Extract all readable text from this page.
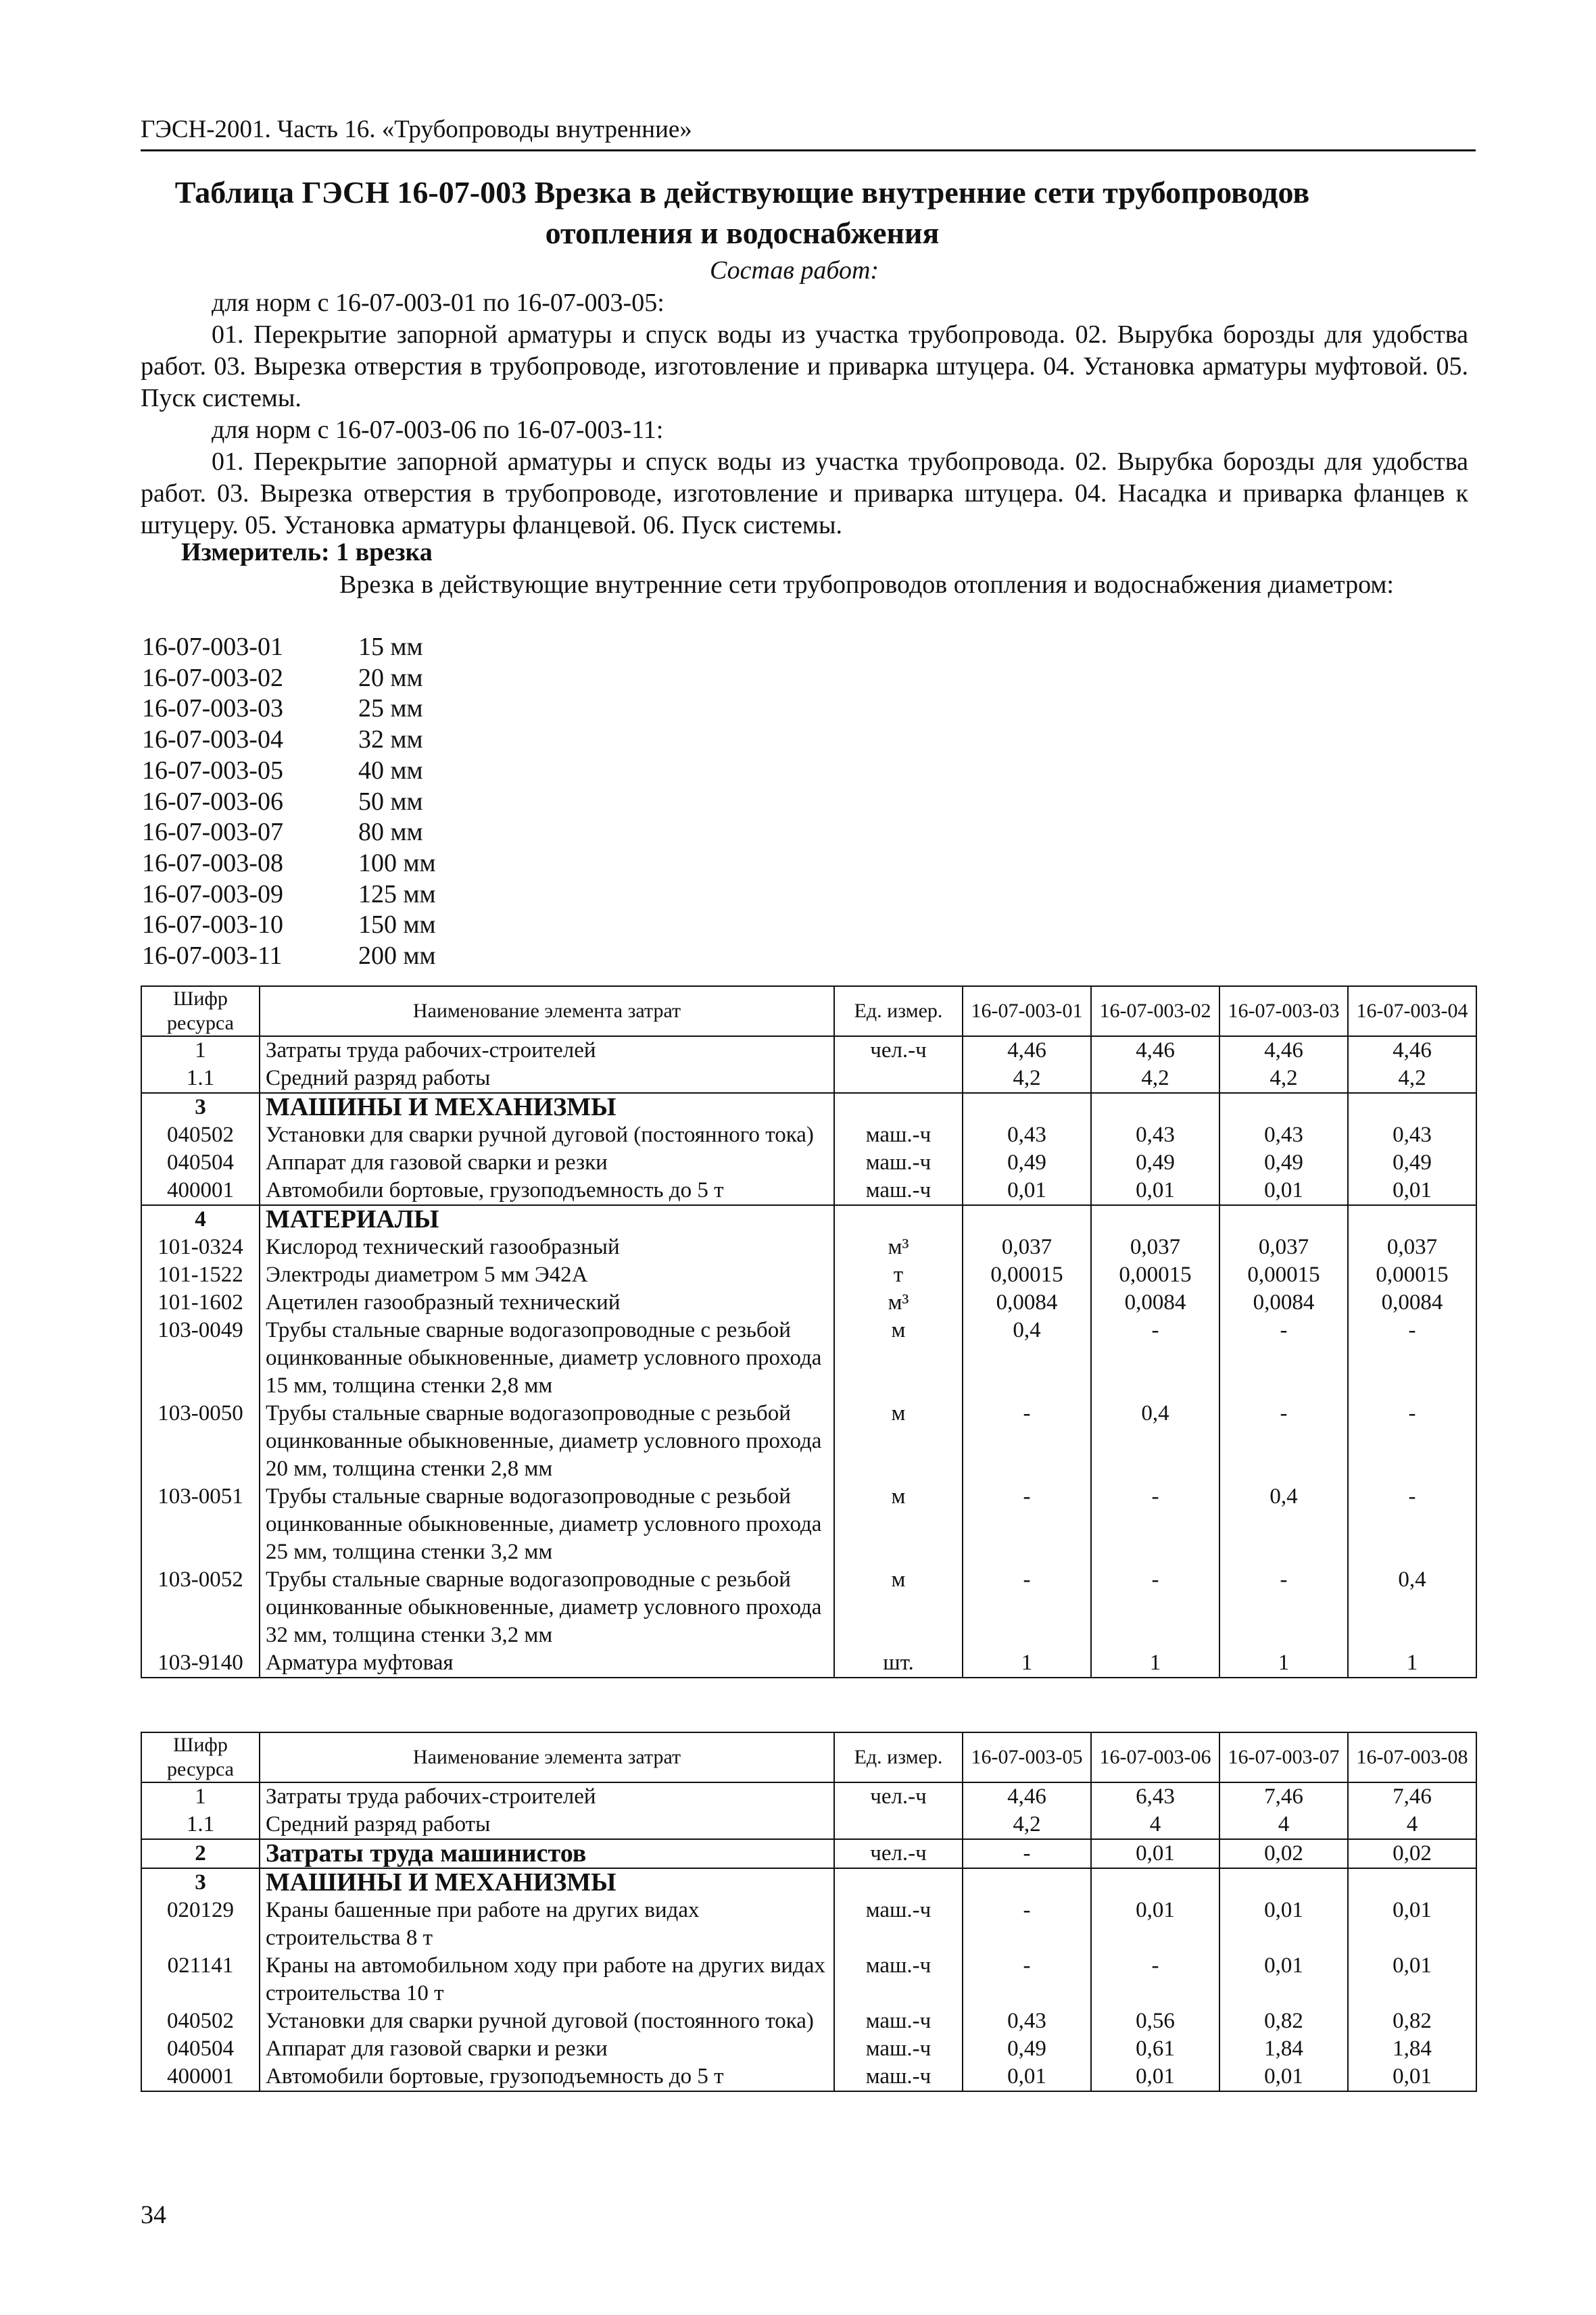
ГЭСН-2001. Часть 16. «Трубопроводы внутренние»
Таблица ГЭСН 16-07-003 Врезка в действующие внутренние сети трубопроводов
отопления и водоснабжения
Состав работ:
для норм с 16-07-003-01 по 16-07-003-05:
01. Перекрытие запорной арматуры и спуск воды из участка трубопровода. 02. Вырубка борозды для удобства работ. 03. Вырезка отверстия в трубопроводе, изготовление и приварка штуцера. 04. Установка арматуры муфтовой. 05. Пуск системы.
для норм с 16-07-003-06 по 16-07-003-11:
01. Перекрытие запорной арматуры и спуск воды из участка трубопровода. 02. Вырубка борозды для удобства работ. 03. Вырезка отверстия в трубопроводе, изготовление и приварка штуцера. 04. Насадка и приварка фланцев к штуцеру. 05. Установка арматуры фланцевой. 06. Пуск системы.
Измеритель: 1 врезка
Врезка в действующие внутренние сети трубопроводов отопления и водоснабжения диаметром:
16-07-003-01	15 мм
16-07-003-02	20 мм
16-07-003-03	25 мм
16-07-003-04	32 мм
16-07-003-05	40 мм
16-07-003-06	50 мм
16-07-003-07	80 мм
16-07-003-08	100 мм
16-07-003-09	125 мм
16-07-003-10	150 мм
16-07-003-11	200 мм
Шифр ресурса	Наименование элемента затрат	Ед. измер.	16-07-003-01	16-07-003-02	16-07-003-03	16-07-003-04
1	Затраты труда рабочих-строителей	чел.-ч	4,46	4,46	4,46	4,46
1.1	Средний разряд работы		4,2	4,2	4,2	4,2
3	МАШИНЫ И МЕХАНИЗМЫ					
040502	Установки для сварки ручной дуговой (постоянного тока)	маш.-ч	0,43	0,43	0,43	0,43
040504	Аппарат для газовой сварки и резки	маш.-ч	0,49	0,49	0,49	0,49
400001	Автомобили бортовые, грузоподъемность до 5 т	маш.-ч	0,01	0,01	0,01	0,01
4	МАТЕРИАЛЫ					
101-0324	Кислород технический газообразный	м³	0,037	0,037	0,037	0,037
101-1522	Электроды диаметром 5 мм Э42А	т	0,00015	0,00015	0,00015	0,00015
101-1602	Ацетилен газообразный технический	м³	0,0084	0,0084	0,0084	0,0084
103-0049	Трубы стальные сварные водогазопроводные с резьбой оцинкованные обыкновенные, диаметр условного прохода 15 мм, толщина стенки 2,8 мм	м	0,4	-	-	-
103-0050	Трубы стальные сварные водогазопроводные с резьбой оцинкованные обыкновенные, диаметр условного прохода 20 мм, толщина стенки 2,8 мм	м	-	0,4	-	-
103-0051	Трубы стальные сварные водогазопроводные с резьбой оцинкованные обыкновенные, диаметр условного прохода 25 мм, толщина стенки 3,2 мм	м	-	-	0,4	-
103-0052	Трубы стальные сварные водогазопроводные с резьбой оцинкованные обыкновенные, диаметр условного прохода 32 мм, толщина стенки 3,2 мм	м	-	-	-	0,4
103-9140	Арматура муфтовая	шт.	1	1	1	1
Шифр ресурса	Наименование элемента затрат	Ед. измер.	16-07-003-05	16-07-003-06	16-07-003-07	16-07-003-08
1	Затраты труда рабочих-строителей	чел.-ч	4,46	6,43	7,46	7,46
1.1	Средний разряд работы		4,2	4	4	4
2	Затраты труда машинистов	чел.-ч	-	0,01	0,02	0,02
3	МАШИНЫ И МЕХАНИЗМЫ					
020129	Краны башенные при работе на других видах строительства 8 т	маш.-ч	-	0,01	0,01	0,01
021141	Краны на автомобильном ходу при работе на других видах строительства 10 т	маш.-ч	-	-	0,01	0,01
040502	Установки для сварки ручной дуговой (постоянного тока)	маш.-ч	0,43	0,56	0,82	0,82
040504	Аппарат для газовой сварки и резки	маш.-ч	0,49	0,61	1,84	1,84
400001	Автомобили бортовые, грузоподъемность до 5 т	маш.-ч	0,01	0,01	0,01	0,01
34
